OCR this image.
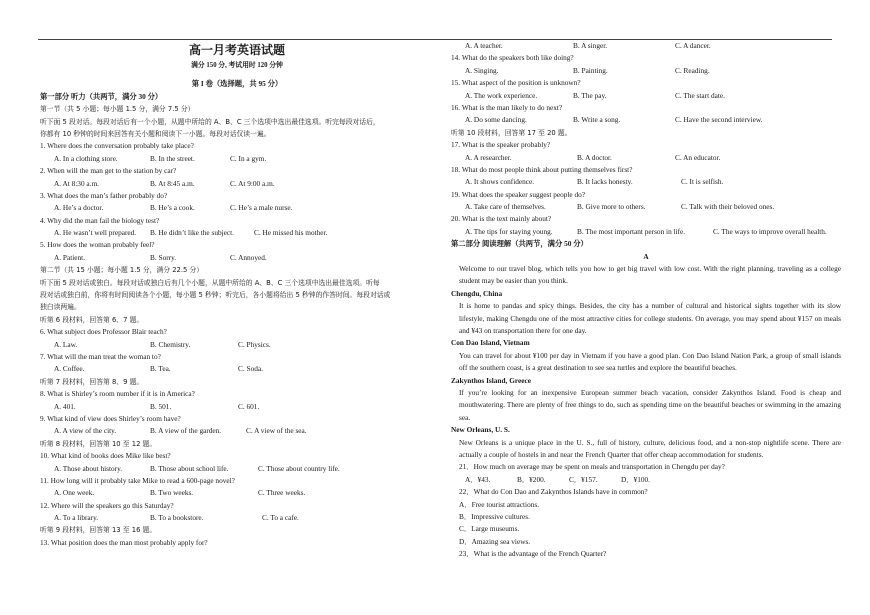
高一月考英语试题
满分 150 分, 考试用时 120 分钟
第 I 卷（选择题，共 95 分）
第一部分 听力（共两节，满分 30 分）
第一节（共 5 小题；每小题 1.5 分，满分 7.5 分）
听下面 5 段对话。每段对话后有一个小题，从题中所给的 A、B、C 三个选项中选出最佳选项。听完每段对话后，
你都有 10 秒钟的时间来回答有关小题和阅读下一小题。每段对话仅读一遍。
1. Where does the conversation probably take place?
A. In a clothing store.	B. In the street.	C. In a gym.
2. When will the man get to the station by car?
A. At 8:30 a.m.	B. At 8:45 a.m.	C. At 9:00 a.m.
3. What does the man’s father probably do?
A. He’s a doctor.	B. He’s a cook.	C. He’s a male nurse.
4. Why did the man fail the biology test?
A. He wasn’t well prepared.	B. He didn’t like the subject.	C. He missed his mother.
5. How does the woman probably feel?
A. Patient.	B. Sorry.	C. Annoyed.
第二节（共 15 小题；每小题 1.5 分，满分 22.5 分）
听下面 5 段对话或独白。每段对话或独白后有几个小题，从题中所给的 A、B、C 三个选项中选出最佳选项。听每
段对话或独白前，你将有时间阅读各个小题，每小题 5 秒钟；听完后，各小题将给出 5 秒钟的作答时间。每段对话或
独白读两遍。
听第 6 段材料，回答第 6、7 题。
6. What subject does Professor Blair teach?
A. Law.	B. Chemistry.	C. Physics.
7. What will the man treat the woman to?
A. Coffee.	B. Tea.	C. Soda.
听第 7 段材料，回答第 8、9 题。
8. What is Shirley’s room number if it is in America?
A. 401.	B. 501.	C. 601.
9. What kind of view does Shirley’s room have?
A. A view of the city.	B. A view of the garden.	C. A view of the sea.
听第 8 段材料，回答第 10 至 12 题。
10. What kind of books does Mike like best?
A. Those about history.	B. Those about school life.	C. Those about country life.
11. How long will it probably take Mike to read a 600-page novel?
A. One week.	B. Two weeks.	C. Three weeks.
12. Where will the speakers go this Saturday?
A. To a library.	B. To a bookstore.	C. To a cafe.
听第 9 段材料，回答第 13 至 16 题。
13. What position does the man most probably apply for?
A. A teacher.	B. A singer.	C. A dancer.
14. What do the speakers both like doing?
A. Singing.	B. Painting.	C. Reading.
15. What aspect of the position is unknown?
A. The work experience.	B. The pay.	C. The start date.
16. What is the man likely to do next?
A. Do some dancing.	B. Write a song.	C. Have the second interview.
听第 10 段材料，回答第 17 至 20 题。
17. What is the speaker probably?
A. A researcher.	B. A doctor.	C. An educator.
18. What do most people think about putting themselves first?
A. It shows confidence.	B. It lacks honesty.	C. It is selfish.
19. What does the speaker suggest people do?
A. Take care of themselves.	B. Give more to others.	C. Talk with their beloved ones.
20. What is the text mainly about?
A. The tips for staying young.	B. The most important person in life.	C. The ways to improve overall health.
第二部分 阅读理解（共两节，满分 50 分）
A
Welcome to our travel blog, which tells you how to get big travel with low cost. With the right planning, traveling as a college student may be easier than you think.
Chengdu, China
It is home to pandas and spicy things. Besides, the city has a number of cultural and historical sights together with its slow lifestyle, making Chengdu one of the most attractive cities for college students. On average, you may spend about ¥157 on meals and ¥43 on transportation there for one day.
Con Dao Island, Vietnam
You can travel for about ¥100 per day in Vietnam if you have a good plan. Con Dao Island Nation Park, a group of small islands off the southern coast, is a great destination to see sea turtles and explore the beautiful beaches.
Zakynthos Island, Greece
If you’re looking for an inexpensive European summer beach vacation, consider Zakynthos Island. Food is cheap and mouthwatering. There are plenty of free things to do, such as spending time on the beautiful beaches or swimming in the amazing sea.
New Orleans, U. S.
New Orleans is a unique place in the U. S., full of history, culture, delicious food, and a non-stop nightlife scene. There are actually a couple of hostels in and near the French Quarter that offer cheap accommodation for students.
21．How much on average may be spent on meals and transportation in Chengdu per day?
A．¥43.	B．¥200.	C．¥157.	D．¥100.
22．What do Con Dao and Zakynthos Islands have in common?
A．Free tourist attractions.
B．Impressive cultures.
C．Large museums.
D．Amazing sea views.
23．What is the advantage of the French Quarter?
